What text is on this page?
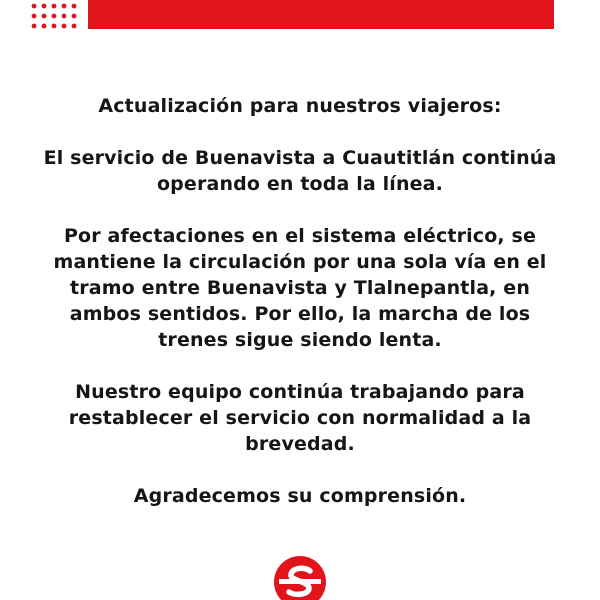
Actualización para nuestros viajeros:

El servicio de Buenavista a Cuautitlán continúa operando en toda la línea.

Por afectaciones en el sistema eléctrico, se mantiene la circulación por una sola vía en el tramo entre Buenavista y Tlalnepantla, en ambos sentidos. Por ello, la marcha de los trenes sigue siendo lenta.

Nuestro equipo continúa trabajando para restablecer el servicio con normalidad a la brevedad.

Agradecemos su comprensión.
